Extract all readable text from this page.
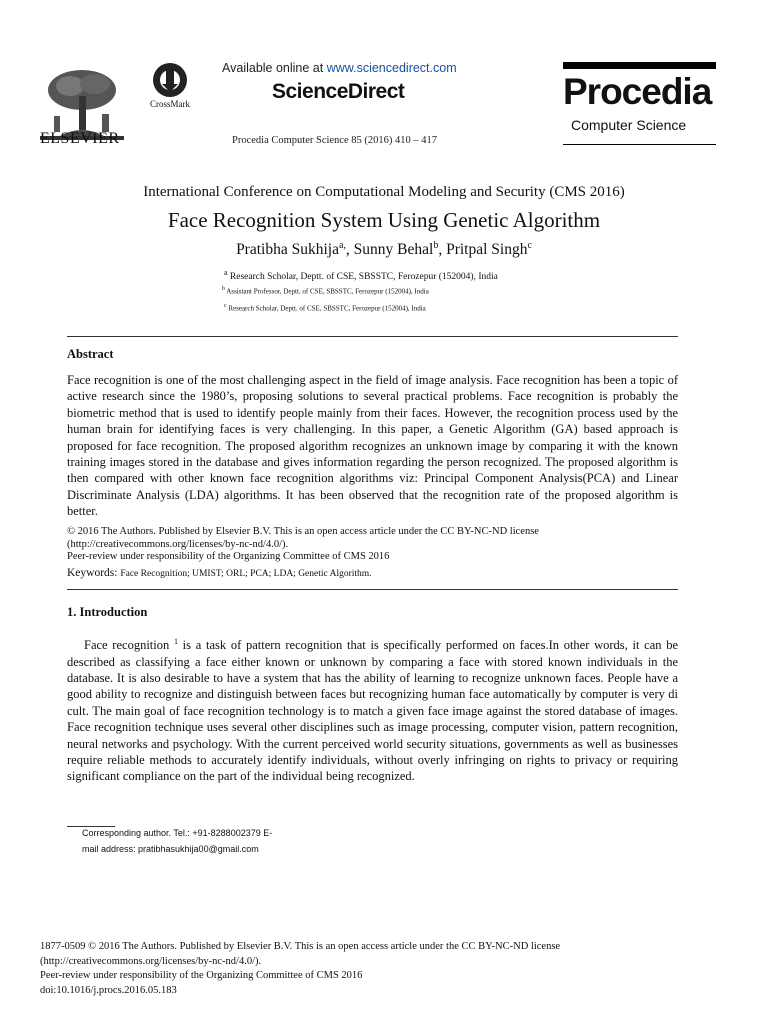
ELSEVIER
CrossMark
Available online at www.sciencedirect.com
ScienceDirect
Procedia Computer Science 85 (2016) 410 – 417
Procedia
Computer Science
International Conference on Computational Modeling and Security (CMS 2016)
Face Recognition System Using Genetic Algorithm
Pratibha Sukhija$^{a,}$, Sunny Behal$^b$, Pritpal Singh$^c$
$^a$ Research Scholar, Deptt. of CSE, SBSSTC, Ferozepur (152004), India
$^b$ Assistant Professor, Deptt. of CSE, SBSSTC, Ferozepur (152004), India
$^c$ Research Scholar, Deptt. of CSE, SBSSTC, Ferozepur (152004), India
Abstract
Face recognition is one of the most challenging aspect in the field of image analysis. Face recognition has been a topic of active research since the 1980’s, proposing solutions to several practical problems. Face recognition is probably the biometric method that is used to identify people mainly from their faces. However, the recognition process used by the human brain for identifying faces is very challenging. In this paper, a Genetic Algorithm (GA) based approach is proposed for face recognition. The proposed algorithm recognizes an unknown image by comparing it with the known training images stored in the database and gives information regarding the person recognized. The proposed algorithm is then compared with other known face recognition algorithms viz: Principal Component Analysis(PCA) and Linear Discriminate Analysis (LDA) algorithms. It has been observed that the recognition rate of the proposed algorithm is better.
© 2016 The Authors. Published by Elsevier B.V. This is an open access article under the CC BY-NC-ND license
(http://creativecommons.org/licenses/by-nc-nd/4.0/).
Peer-review under responsibility of the Organizing Committee of CMS 2016
Keywords: Face Recognition; UMIST; ORL; PCA; LDA; Genetic Algorithm.
1. Introduction
Face recognition $^1$ is a task of pattern recognition that is specifically performed on faces.In other words, it can be described as classifying a face either known or unknown by comparing a face with stored known individuals in the database. It is also desirable to have a system that has the ability of learning to recognize unknown faces. People have a good ability to recognize and distinguish between faces but recognizing human face automatically by computer is very di cult. The main goal of face recognition technology is to match a given face image against the stored database of images. Face recognition technique uses several other disciplines such as image processing, computer vision, pattern recognition, neural networks and psychology. With the current perceived world security situations, governments as well as businesses require reliable methods to accurately identify individuals, without overly infringing on rights to privacy or requiring significant compliance on the part of the individual being recognized.
Corresponding author. Tel.: +91-8288002379 E-
mail address: pratibhasukhija00@gmail.com
1877-0509 © 2016 The Authors. Published by Elsevier B.V. This is an open access article under the CC BY-NC-ND license
(http://creativecommons.org/licenses/by-nc-nd/4.0/).
Peer-review under responsibility of the Organizing Committee of CMS 2016
doi:10.1016/j.procs.2016.05.183
